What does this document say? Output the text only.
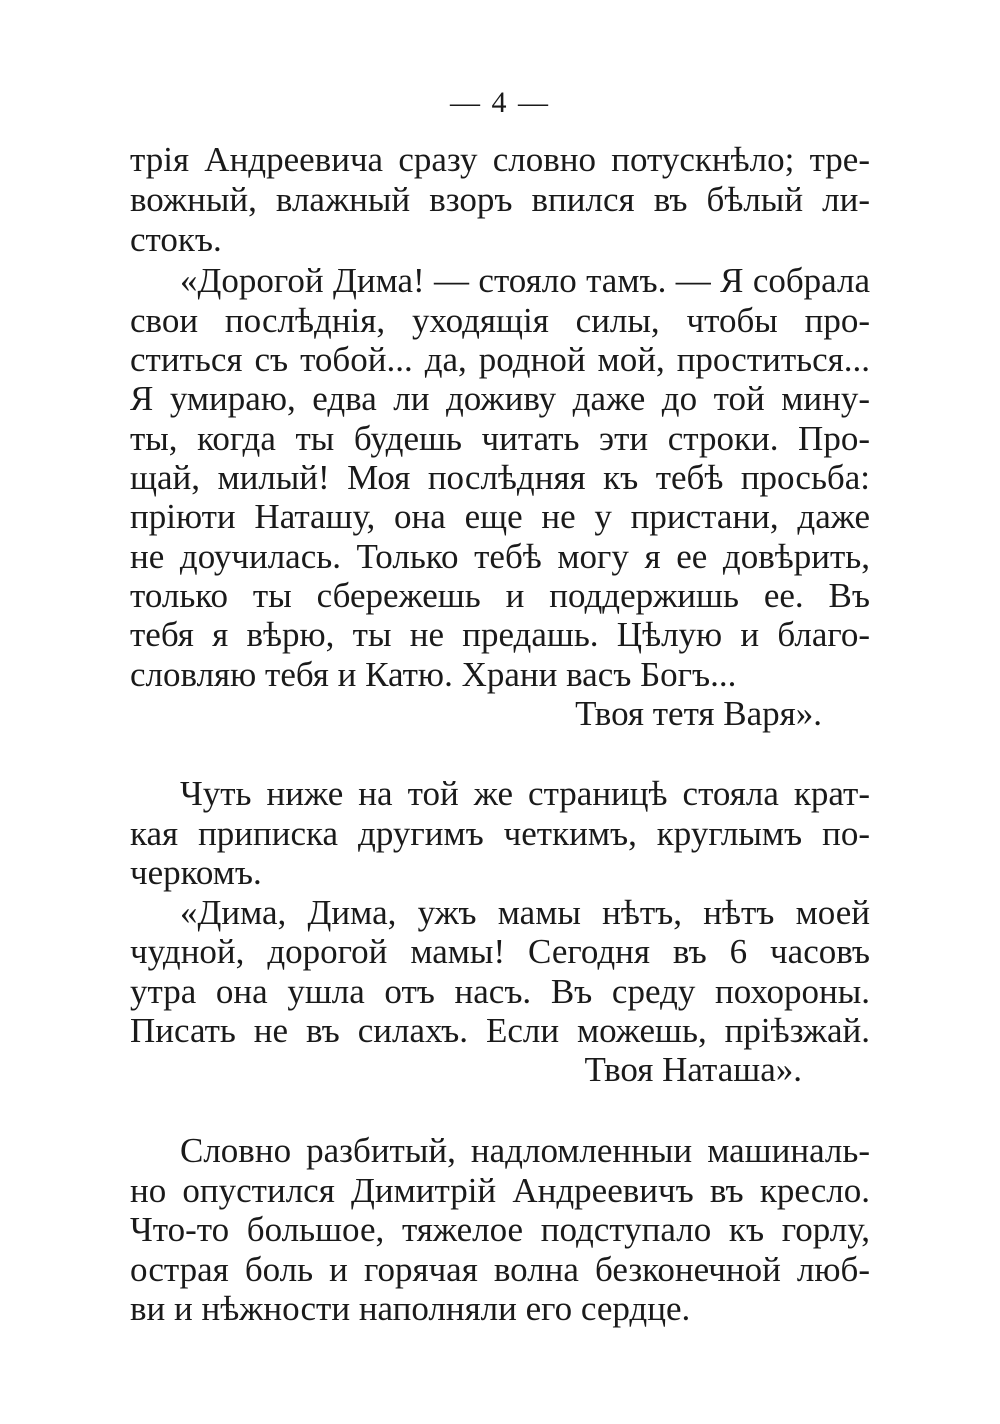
— 4 —
трія Андреевича сразу словно потускнѣло; тре-
вожный, влажный взоръ впился въ бѣлый ли-
стокъ.
«Дорогой Дима! — стояло тамъ. — Я собрала
свои послѣднія, уходящія силы, чтобы про-
ститься съ тобой... да, родной мой, проститься...
Я умираю, едва ли доживу даже до той мину-
ты, когда ты будешь читать эти строки. Про-
щай, милый! Моя послѣдняя къ тебѣ просьба:
пріюти Наташу, она еще не у пристани, даже
не доучилась. Только тебѣ могу я ее довѣрить,
только ты сбережешь и поддержишь ее. Въ
тебя я вѣрю, ты не предашь. Цѣлую и благо-
словляю тебя и Катю. Храни васъ Богъ...
Твоя тетя Варя».
Чуть ниже на той же страницѣ стояла крат-
кая приписка другимъ четкимъ, круглымъ по-
черкомъ.
«Дима, Дима, ужъ мамы нѣтъ, нѣтъ моей
чудной, дорогой мамы! Сегодня въ 6 часовъ
утра она ушла отъ насъ. Въ среду похороны.
Писать не въ силахъ. Если можешь, пріѣзжай.
Твоя Наташа».
Словно разбитый, надломленныи машиналь-
но опустился Димитрій Андреевичъ въ кресло.
Что-то большое, тяжелое подступало къ горлу,
острая боль и горячая волна безконечной люб-
ви и нѣжности наполняли его сердце.
